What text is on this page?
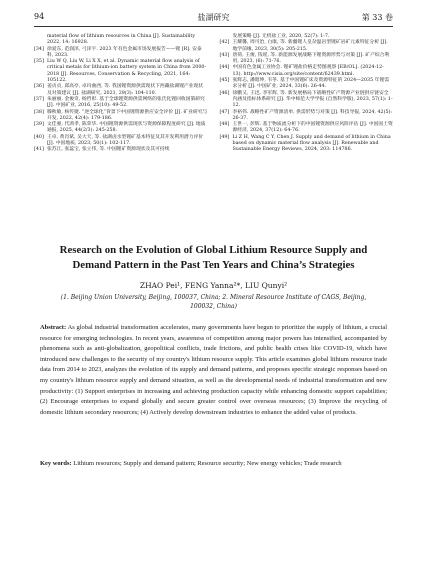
94	盐湖研究	第 33 卷
material flow of lithium resources in China [J]. Sustainability 2022, 14: 16928.
[34] 徐爱东, 范润泽, 弓泽宇. 2023 年有色金属市场发展报告——锂 [R]. 安泰科, 2023.
[35] Liu W Q, Liu W, Li X X, et al. Dynamic material flow analysis of critical metals for lithium-ion battery system in China from 2000-2018 [J]. Resources, Conservation & Recycling, 2021, 164: 105122.
[36] 姜贞贞, 邱高亭, 卓玛曲西, 等. 我国锂资源供需现状下西藏盐湖锂产业现状及对策建议 [J]. 盐湖研究, 2021, 29(3): 104-110.
[37] 朱丽丽, 金俊奇, 杨哲彰. 基于全球锂资源供需网络的张氏化锂回收国策研究 [J]. 中国矿业, 2016, 25(10): 49-52.
[38] 滕秋敏, 杨传捷. “逆全球化”背景下中国锂资源供应安全评价 [J]. 矿业研究与开发, 2022, 42(4): 179-186.
[39] 文佳豪, 代鸿孝, 陈荣华. 中国锂资源供需现状与资源保障程度研究 [J]. 地质通报, 2025, 44(2/3): 245-258.
[40] 王卓, 黄肖斌, 吴大天, 等. 盐湖卤水型锂矿基本特征及其开发利用潜力评价 [J]. 中国地质, 2023, 50(1): 102-117.
[41] 张苏江, 张蕊宝, 张立伟, 等. 中国锂矿资源现状及其可持续
发展策略 [J]. 无机盐工业, 2020, 52(7): 1-7.
[42] 王耀馨, 周可治, 白康, 等. 新疆锂人皇杂温岩型锂矿岩矿元素特征分析 [J]. 地学前缘, 2023, 30(5): 205-215.
[43] 唐荷, 王俊, 钱瑶, 等. 新能源发展战略下锂资源形势与对策 [J]. 矿产综合利用, 2023, (6): 71-76.
[44] 中国有色金属工业协会. 锂矿锂盐价格走势图观察 [EB/OL]. (2024-12-13). http://www.cisia.org/site/content/62439.html.
[45] 张辉志, 潘昭坤, 韦苓. 基于中国锂矿床及资源特征的 2024—2035 年锂需求分析 [J]. 中国矿业, 2024, 33(6): 26-44.
[46] 徐鹏又, 王迅, 李军辉, 等. 新发展格局下战略性矿产资源产业链供应链安全内涵及指标体系研究 [J]. 华中师范大学学报 (自然科学版), 2023, 57(1): 1-12.
[47] 李裕伟. 战略性矿产资源清单, 供需形势与对策 [J]. 科技导报, 2024, 42(5): 26-37.
[48] 王世一, 彭辉. 基于物质流分析下的中国锂资源供应风险评估 [J]. 中国国土资源经济, 2024, 37(12): 64-76.
[49] Li Z H, Wang C Y, Chen J. Supply and demand of lithium in China based on dynamic material flow analysis [J]. Renewable and Sustainable Energy Reviews, 2024, 203: 114786.
Research on the Evolution of Global Lithium Resource Supply and Demand Pattern in the Past Ten Years and China’s Strategies
ZHAO Pei¹, FENG Yanna²*, LIU Qunyi²
(1. Beijing Union University, Beijing, 100037, China; 2. Mineral Resource Institute of CAGS, Beijing, 100032, China)

Abstract: As global industrial transformation accelerates, many governments have begun to prioritize the supply of lithium, a crucial resource for emerging technologies. In recent years, awareness of competition among major powers has intensified, accompanied by phenomena such as anti-globalization, geopolitical conflicts, trade frictions, and public health crises like COVID-19, which have introduced new challenges to the security of my country's lithium resource supply. This article examines global lithium resource trade data from 2014 to 2023, analyzes the evolution of its supply and demand patterns, and proposes specific strategic responses based on my country's lithium resource supply and demand situation, as well as the developmental needs of industrial transformation and new productivity: (1) Support enterprises in increasing and achieving production capacity while enhancing domestic support capabilities; (2) Encourage enterprises to expand globally and secure greater control over overseas resources; (3) Improve the recycling of domestic lithium secondary resources; (4) Actively develop downstream industries to enhance the added value of products.

Key words: Lithium resources; Supply and demand pattern; Resource security; New energy vehicles; Trade research
